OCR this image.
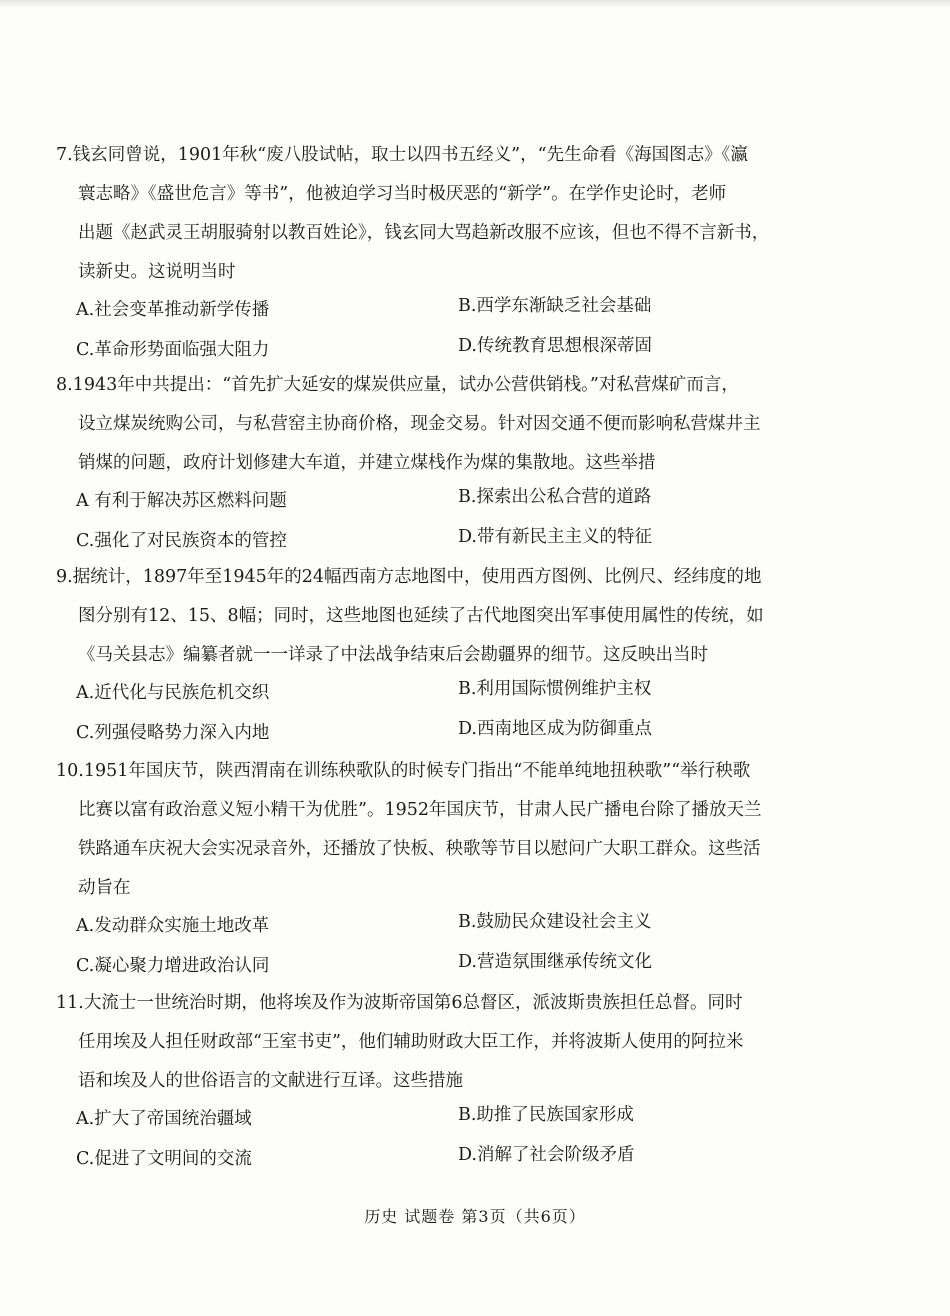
7.钱玄同曾说，1901年秋“废八股试帖，取士以四书五经义”，“先生命看《海国图志》《瀛
寰志略》《盛世危言》等书”，他被迫学习当时极厌恶的“新学”。在学作史论时，老师
出题《赵武灵王胡服骑射以教百姓论》，钱玄同大骂趋新改服不应该，但也不得不言新书，
读新史。这说明当时
A.社会变革推动新学传播	B.西学东渐缺乏社会基础
C.革命形势面临强大阻力	D.传统教育思想根深蒂固
8.1943年中共提出：“首先扩大延安的煤炭供应量，试办公营供销栈。”对私营煤矿而言，
设立煤炭统购公司，与私营窑主协商价格，现金交易。针对因交通不便而影响私营煤井主
销煤的问题，政府计划修建大车道，并建立煤栈作为煤的集散地。这些举措
A 有利于解决苏区燃料问题	B.探索出公私合营的道路
C.强化了对民族资本的管控	D.带有新民主主义的特征
9.据统计，1897年至1945年的24幅西南方志地图中，使用西方图例、比例尺、经纬度的地
图分别有12、15、8幅；同时，这些地图也延续了古代地图突出军事使用属性的传统，如
《马关县志》编纂者就一一详录了中法战争结束后会勘疆界的细节。这反映出当时
A.近代化与民族危机交织	B.利用国际惯例维护主权
C.列强侵略势力深入内地	D.西南地区成为防御重点
10.1951年国庆节，陕西渭南在训练秧歌队的时候专门指出“不能单纯地扭秧歌”“举行秧歌
比赛以富有政治意义短小精干为优胜”。1952年国庆节，甘肃人民广播电台除了播放天兰
铁路通车庆祝大会实况录音外，还播放了快板、秧歌等节目以慰问广大职工群众。这些活
动旨在
A.发动群众实施土地改革	B.鼓励民众建设社会主义
C.凝心聚力增进政治认同	D.营造氛围继承传统文化
11.大流士一世统治时期，他将埃及作为波斯帝国第6总督区，派波斯贵族担任总督。同时
任用埃及人担任财政部“王室书吏”，他们辅助财政大臣工作，并将波斯人使用的阿拉米
语和埃及人的世俗语言的文献进行互译。这些措施
A.扩大了帝国统治疆域	B.助推了民族国家形成
C.促进了文明间的交流	D.消解了社会阶级矛盾
历史 试题卷 第3页（共6页）
